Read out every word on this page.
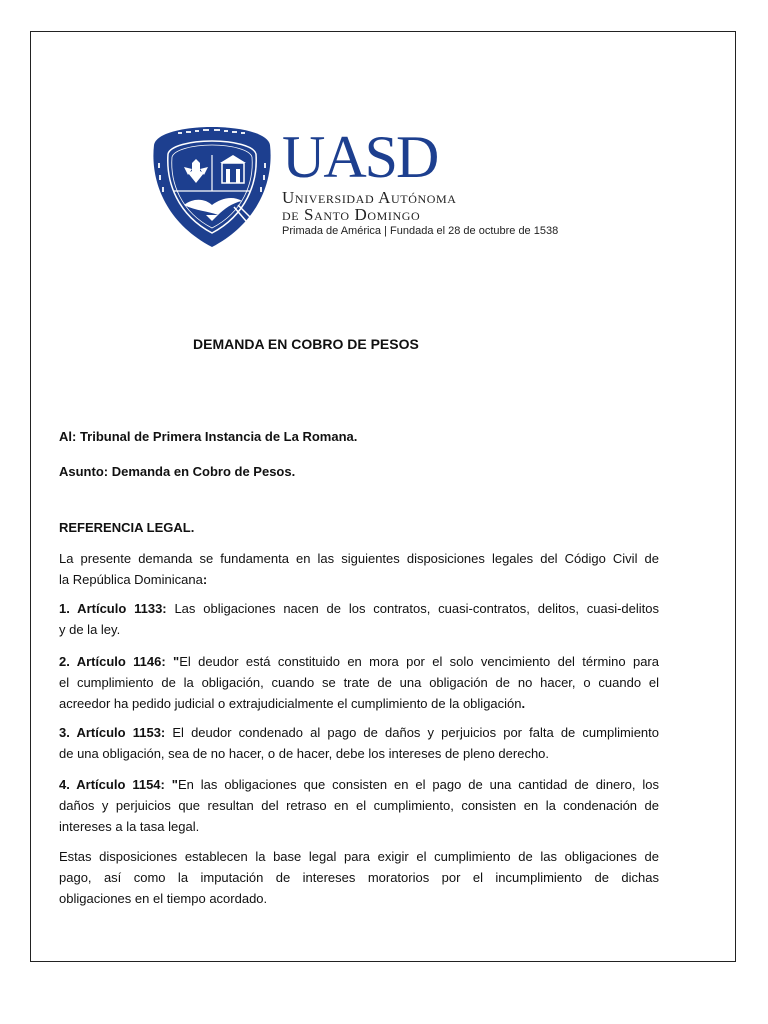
UASD
Universidad Autónoma
de Santo Domingo
Primada de América | Fundada el 28 de octubre de 1538
DEMANDA EN COBRO DE PESOS
Al: Tribunal de Primera Instancia de La Romana.
Asunto: Demanda en Cobro de Pesos.
REFERENCIA LEGAL.
La presente demanda se fundamenta en las siguientes disposiciones legales del Código Civil de
la República Dominicana:
1. Artículo 1133: Las obligaciones nacen de los contratos, cuasi-contratos, delitos, cuasi-delitos
y de la ley.
2. Artículo 1146: "El deudor está constituido en mora por el solo vencimiento del término para
el cumplimiento de la obligación, cuando se trate de una obligación de no hacer, o cuando el
acreedor ha pedido judicial o extrajudicialmente el cumplimiento de la obligación.
3. Artículo 1153: El deudor condenado al pago de daños y perjuicios por falta de cumplimiento
de una obligación, sea de no hacer, o de hacer, debe los intereses de pleno derecho.
4. Artículo 1154: "En las obligaciones que consisten en el pago de una cantidad de dinero, los
daños y perjuicios que resultan del retraso en el cumplimiento, consisten en la condenación de
intereses a la tasa legal.
Estas disposiciones establecen la base legal para exigir el cumplimiento de las obligaciones de
pago, así como la imputación de intereses moratorios por el incumplimiento de dichas
obligaciones en el tiempo acordado.
